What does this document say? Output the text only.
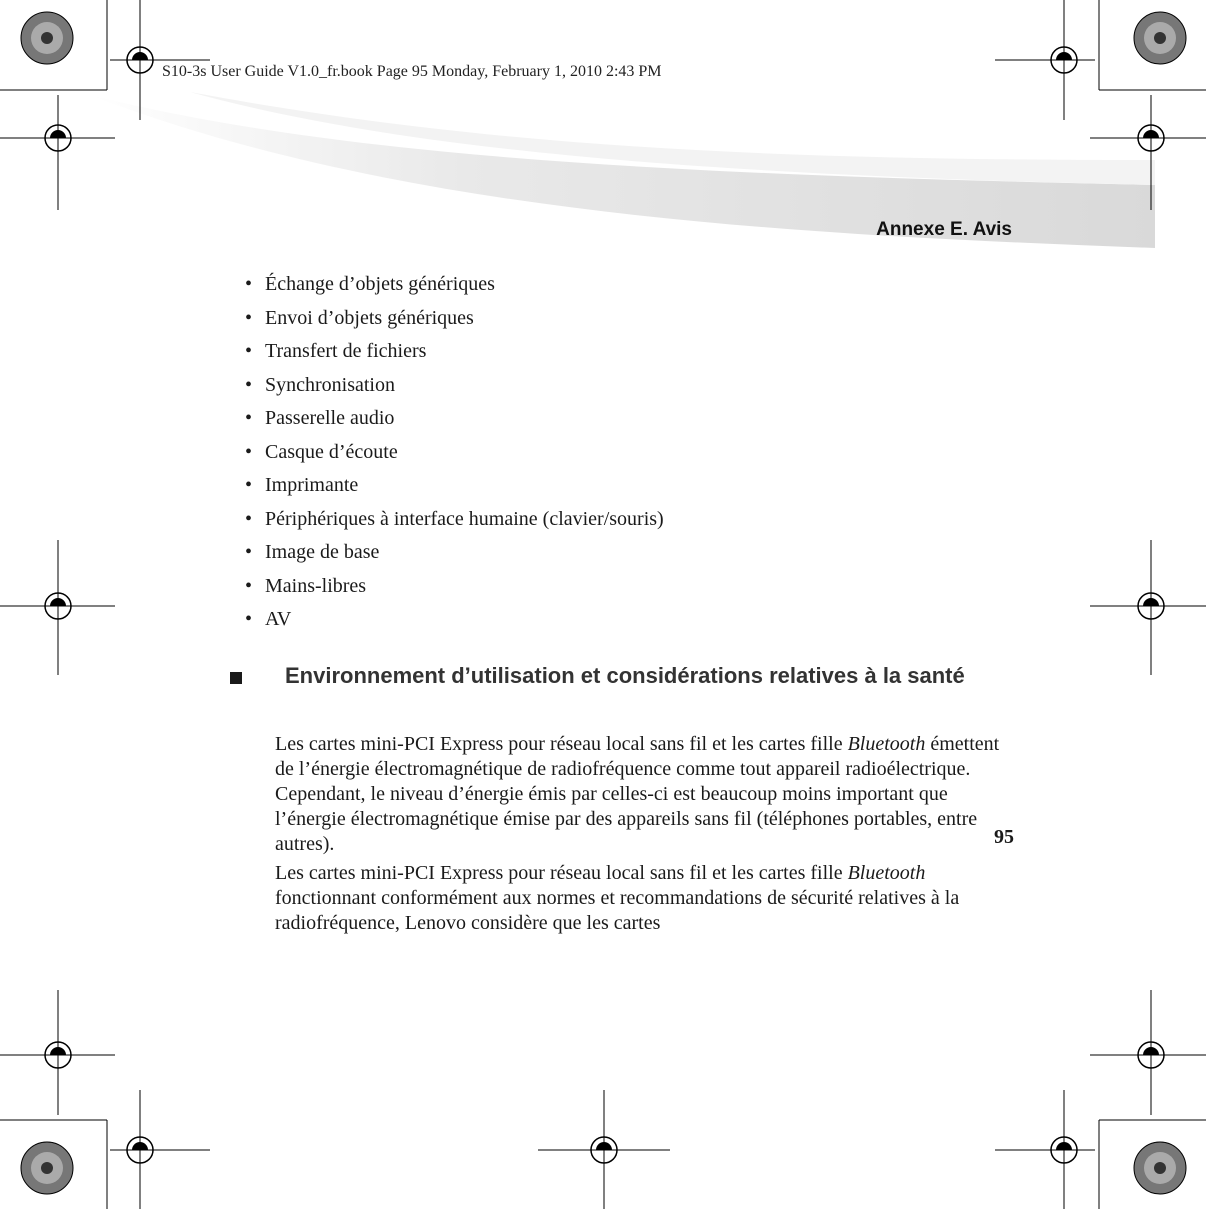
S10-3s User Guide V1.0_fr.book Page 95 Monday, February 1, 2010 2:43 PM
Annexe E. Avis
• Échange d’objets génériques
• Envoi d’objets génériques
• Transfert de fichiers
• Synchronisation
• Passerelle audio
• Casque d’écoute
• Imprimante
• Périphériques à interface humaine (clavier/souris)
• Image de base
• Mains-libres
• AV
Environnement d’utilisation et considérations relatives à la santé

Les cartes mini-PCI Express pour réseau local sans fil et les cartes fille Bluetooth émettent de l’énergie électromagnétique de radiofréquence comme tout appareil radioélectrique. Cependant, le niveau d’énergie émis par celles-ci est beaucoup moins important que l’énergie électromagnétique émise par des appareils sans fil (téléphones portables, entre autres).

Les cartes mini-PCI Express pour réseau local sans fil et les cartes fille Bluetooth fonctionnant conformément aux normes et recommandations de sécurité relatives à la radiofréquence, Lenovo considère que les cartes

95
